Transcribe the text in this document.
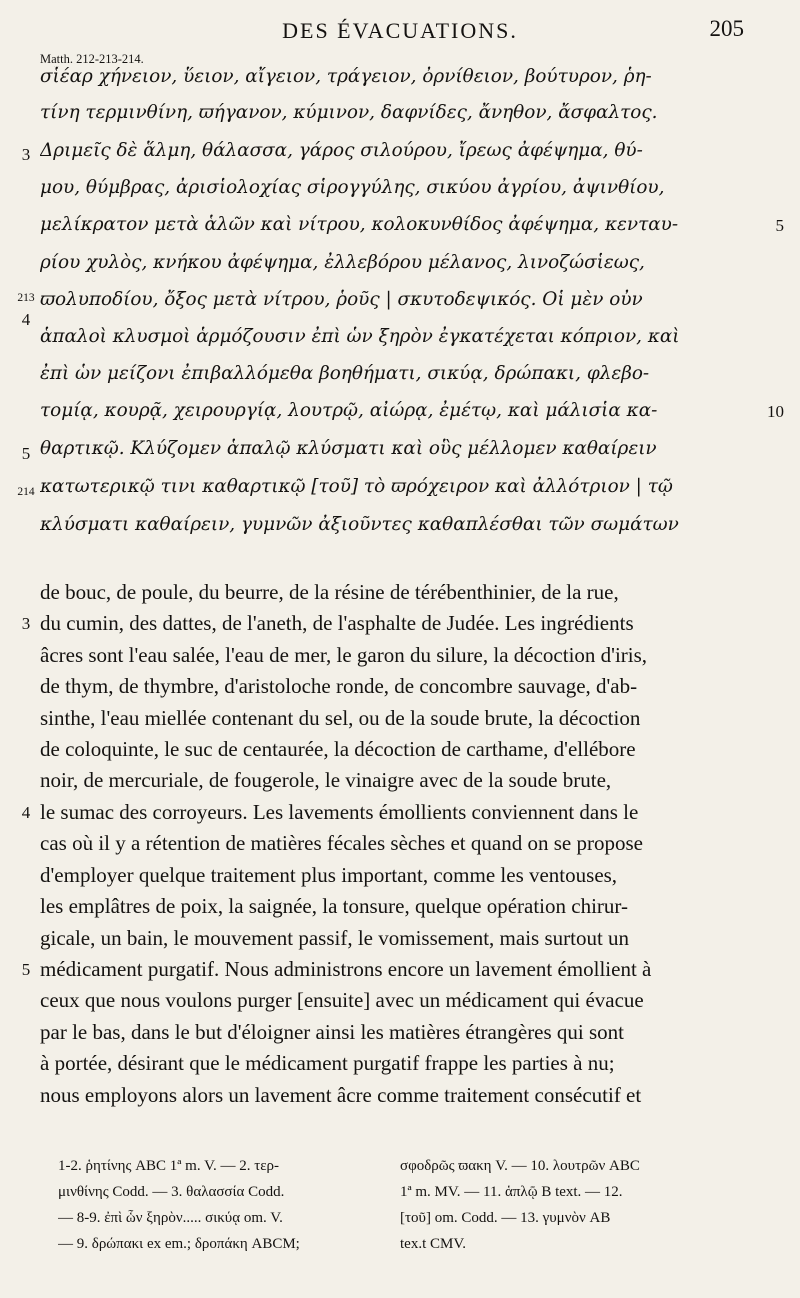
DES ÉVACUATIONS.	205
Matth. 212-213-214.
σἷέαρ χήνειον, ὕειον, αἴγειον, τράγειον, ὀρνίθειον, βούτυρον, ῥη-
τίνη τερμινθίνη, ϖήγανον, κύμινον, δαφνίδες, ἄνηθον, ἄσφαλτος.
Δριμεῖς δὲ ἅλμη, θάλασσα, γάρος σιλούρου, ἴρεως ἀφέψημα, θύ-
μου, θύμβρας, ἀρισἱολοχίας σἱρογγύλης, σικύου ἀγρίου, ἀψινθίου,
μελίκρατον μετὰ ἁλῶν καὶ νίτρου, κολοκυνθίδος ἀφέψημα, κενταυ-
ρίου χυλὸς, κνήκου ἀφέψημα, ἐλλεβόρου μέλανος, λινοζώσἱεως,
ϖολυποδίου, ὄξος μετὰ νίτρου, ῥοῦς | σκυτοδεψικός. Οἱ μὲν οὖν
ἁπαλοὶ κλυσμοὶ ἁρμόζουσιν ἐπὶ ὧν ξηρὸν ἐγκατέχεται κόπριον, καὶ
ἐπὶ ὧν μείζονι ἐπιβαλλόμεθα βοηθήματι, σικύᾳ, δρώπακι, φλεβο-
τομίᾳ, κουρᾷ, χειρουργίᾳ, λουτρῷ, αἰώρᾳ, ἐμέτῳ, καὶ μάλισἱα κα-
θαρτικῷ. Κλύζομεν ἁπαλῷ κλύσματι καὶ οὓς μέλλομεν καθαίρειν
κατωτερικῷ τινι καθαρτικῷ [τοῦ] τὸ ϖρόχειρον καὶ ἀλλότριον | τῷ
κλύσματι καθαίρειν, γυμνῶν ἀξιοῦντες καθαπλέσθαι τῶν σωμάτων
3
213
4
5
214
5
10
de bouc, de poule, du beurre, de la résine de térébenthinier, de la rue,
du cumin, des dattes, de l'aneth, de l'asphalte de Judée. Les ingrédients
âcres sont l'eau salée, l'eau de mer, le garon du silure, la décoction d'iris,
de thym, de thymbre, d'aristoloche ronde, de concombre sauvage, d'ab-
sinthe, l'eau miellée contenant du sel, ou de la soude brute, la décoction
de coloquinte, le suc de centaurée, la décoction de carthame, d'ellébore
noir, de mercuriale, de fougerole, le vinaigre avec de la soude brute,
le sumac des corroyeurs. Les lavements émollients conviennent dans le
cas où il y a rétention de matières fécales sèches et quand on se propose
d'employer quelque traitement plus important, comme les ventouses,
les emplâtres de poix, la saignée, la tonsure, quelque opération chirur-
gicale, un bain, le mouvement passif, le vomissement, mais surtout un
médicament purgatif. Nous administrons encore un lavement émollient à
ceux que nous voulons purger [ensuite] avec un médicament qui évacue
par le bas, dans le but d'éloigner ainsi les matières étrangères qui sont
à portée, désirant que le médicament purgatif frappe les parties à nu;
nous employons alors un lavement âcre comme traitement consécutif et
3
4
5
1-2. ῥητίνης ABC 1ª m. V. — 2. τερ-
μινθίνης Codd. — 3. θαλασσία Codd.
— 8-9. ἐπὶ ὧν ξηρὸν..... σικύᾳ om. V.
— 9. δρώπακι ex em.; δροπάκη ABCM;
σφοδρῶς ϖακη V. — 10. λουτρῶν ABC
1ª m. MV. — 11. ἁπλῷ B text. — 12.
[τοῦ] om. Codd. — 13. γυμνὸν AB
tex.t CMV.
